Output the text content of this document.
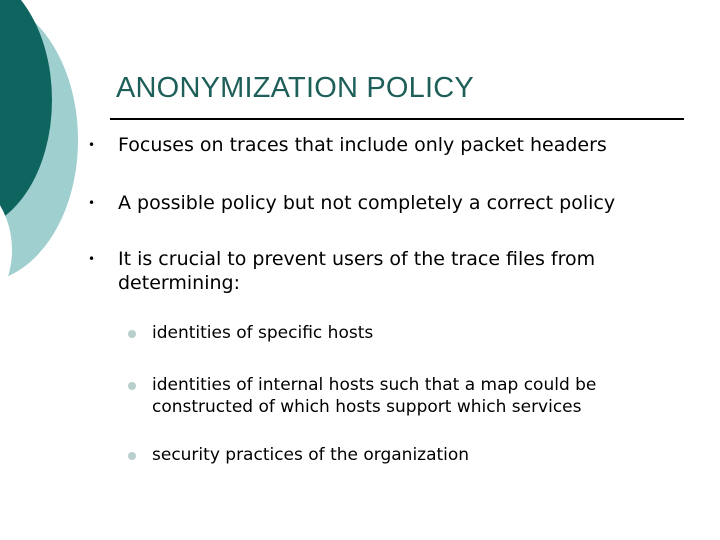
ANONYMIZATION POLICY
• Focuses on traces that include only packet headers
• A possible policy but not completely a correct policy
• It is crucial to prevent users of the trace files from determining:
identities of specific hosts
identities of internal hosts such that a map could be constructed of which hosts support which services
security practices of the organization
